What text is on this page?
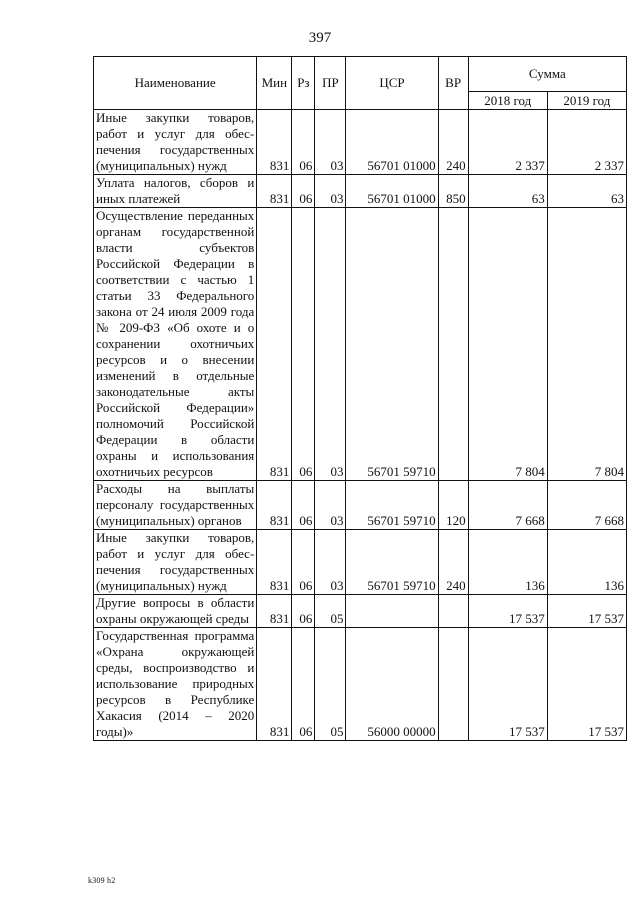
397
Наименование	Мин	Рз	ПР	ЦСР	ВР	Сумма	
						2018 год	2019 год
Иные закупки товаров, работ и услуг для обеспечения государственных (муниципальных) нужд	831	06	03	56701 01000	240	2 337	2 337
Уплата налогов, сборов и иных платежей	831	06	03	56701 01000	850	63	63
Осуществление переданных органам государственной власти субъектов Российской Федерации в соответствии с частью 1 статьи 33 Федерального закона от 24 июля 2009 года № 209-ФЗ «Об охоте и о сохранении охотничьих ресурсов и о внесении изменений в отдельные законодательные акты Российской Федерации» полномочий Российской Федерации в области охраны и использования охотничьих ресурсов	831	06	03	56701 59710		7 804	7 804
Расходы на выплаты персоналу государственных (муниципальных) органов	831	06	03	56701 59710	120	7 668	7 668
Иные закупки товаров, работ и услуг для обеспечения государственных (муниципальных) нужд	831	06	03	56701 59710	240	136	136
Другие вопросы в области охраны окружающей среды	831	06	05			17 537	17 537
Государственная программа «Охрана окружающей среды, воспроизводство и использование природных ресурсов в Республике Хакасия (2014 – 2020 годы)»	831	06	05	56000 00000		17 537	17 537
k309 h2
